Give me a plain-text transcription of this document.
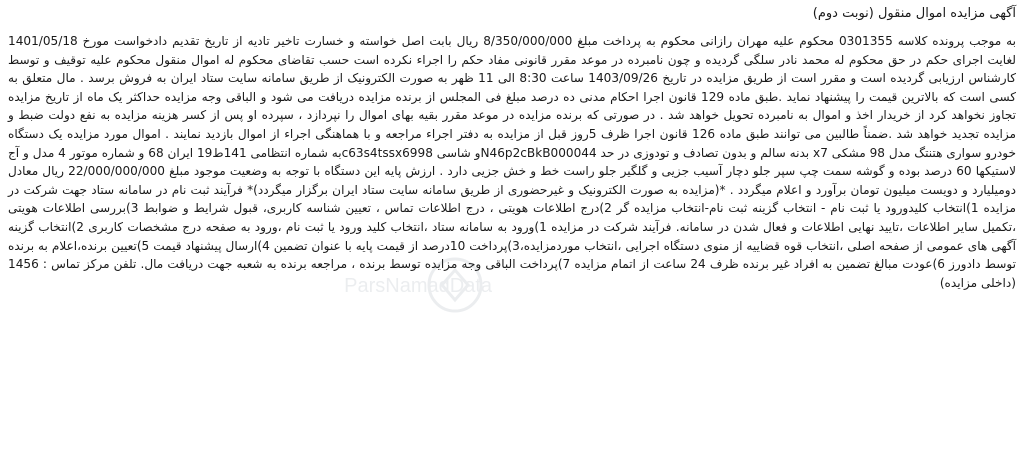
آگهی مزایده اموال منقول (نوبت دوم)

به موجب پرونده کلاسه 0301355 محکوم علیه مهران رازانی محکوم به پرداخت مبلغ 8/350/000/000 ریال بابت اصل خواسته و خسارت تاخیر تادیه از تاریخ تقدیم دادخواست مورخ 1401/05/18 لغایت اجرای حکم در حق محکوم له محمد نادر سلگی گردیده و چون نامبرده در موعد مقرر قانونی مفاد حکم را اجراء نکرده است حسب تقاضای محکوم له اموال منقول محکوم علیه توقیف و توسط کارشناس ارزیابی گردیده است و مقرر است از طریق مزایده در تاریخ 1403/09/26 ساعت 8:30 الی 11 ظهر به صورت الکترونیک از طریق سامانه سایت ستاد ایران به فروش برسد . مال متعلق به کسی است که بالاترین قیمت را پیشنهاد نماید .طبق ماده 129 قانون اجرا احکام مدنی ده درصد مبلغ فی المجلس از برنده مزایده دریافت می شود و الباقی وجه مزایده حداکثر یک ماه از تاریخ مزایده تجاوز نخواهد کرد از خریدار اخذ و اموال به نامبرده تحویل خواهد شد . در صورتی که برنده مزایده در موعد مقرر بقیه بهای اموال را نپردازد ، سپرده او پس از کسر هزینه مزایده به نفع دولت ضبط و مزایده تجدید خواهد شد .ضمناً طالبین می توانند طبق ماده 126 قانون اجرا ظرف 5روز قبل از مزایده به دفتر اجراء مراجعه و با هماهنگی اجراء از اموال بازدید نمایند . اموال مورد مزایده یک دستگاه خودرو سواری هتنتگ مدل 98 مشکی x7 بدنه سالم و بدون تصادف و تودوزی در حد N46p2cBkB000044و شاسی c63s4tssx6998به شماره انتظامی 141ط19 ایران 68 و شماره موتور 4 مدل و آج لاستیکها 60 درصد بوده و گوشه سمت چپ سپر جلو دچار آسیب جزیی و گلگیر جلو راست خط و خش جزیی دارد . ارزش پایه این دستگاه با توجه به وضعیت موجود مبلغ 22/000/000/000 ریال معادل دومیلیارد و دویست میلیون تومان برآورد و اعلام میگردد . *(مزایده به صورت الکترونیک و غیرحضوری از طریق سامانه سایت ستاد ایران برگزار میگردد)* فرآیند ثبت نام در سامانه ستاد جهت شرکت در مزایده 1)انتخاب کلیدورود یا ثبت نام - انتخاب گزینه ثبت نام-انتخاب مزایده گر 2)درج اطلاعات هویتی ، درج اطلاعات تماس ، تعیین شناسه کاربری، قبول شرایط و ضوابط 3)بررسی اطلاعات هویتی ،تکمیل سایر اطلاعات ،تایید نهایی اطلاعات و فعال شدن در سامانه. فرآیند شرکت در مزایده 1)ورود به سامانه ستاد ،انتخاب کلید ورود یا ثبت نام ،ورود به صفحه درج مشخصات کاربری 2)انتخاب گزینه آگهی های عمومی از صفحه اصلی ،انتخاب قوه قضاییه از منوی دستگاه اجرایی ،انتخاب موردمزایده،3)پرداخت 10درصد از قیمت پایه با عنوان تضمین 4)ارسال پیشنهاد قیمت 5)تعیین برنده،اعلام به برنده توسط دادورز 6)عودت مبالغ تضمین به افراد غیر برنده ظرف 24 ساعت از اتمام مزایده 7)پرداخت الباقی وجه مزایده توسط برنده ، مراجعه برنده به شعبه جهت دریافت مال. تلفن مرکز تماس : 1456 (داخلی مزایده)

ParsNamadData
